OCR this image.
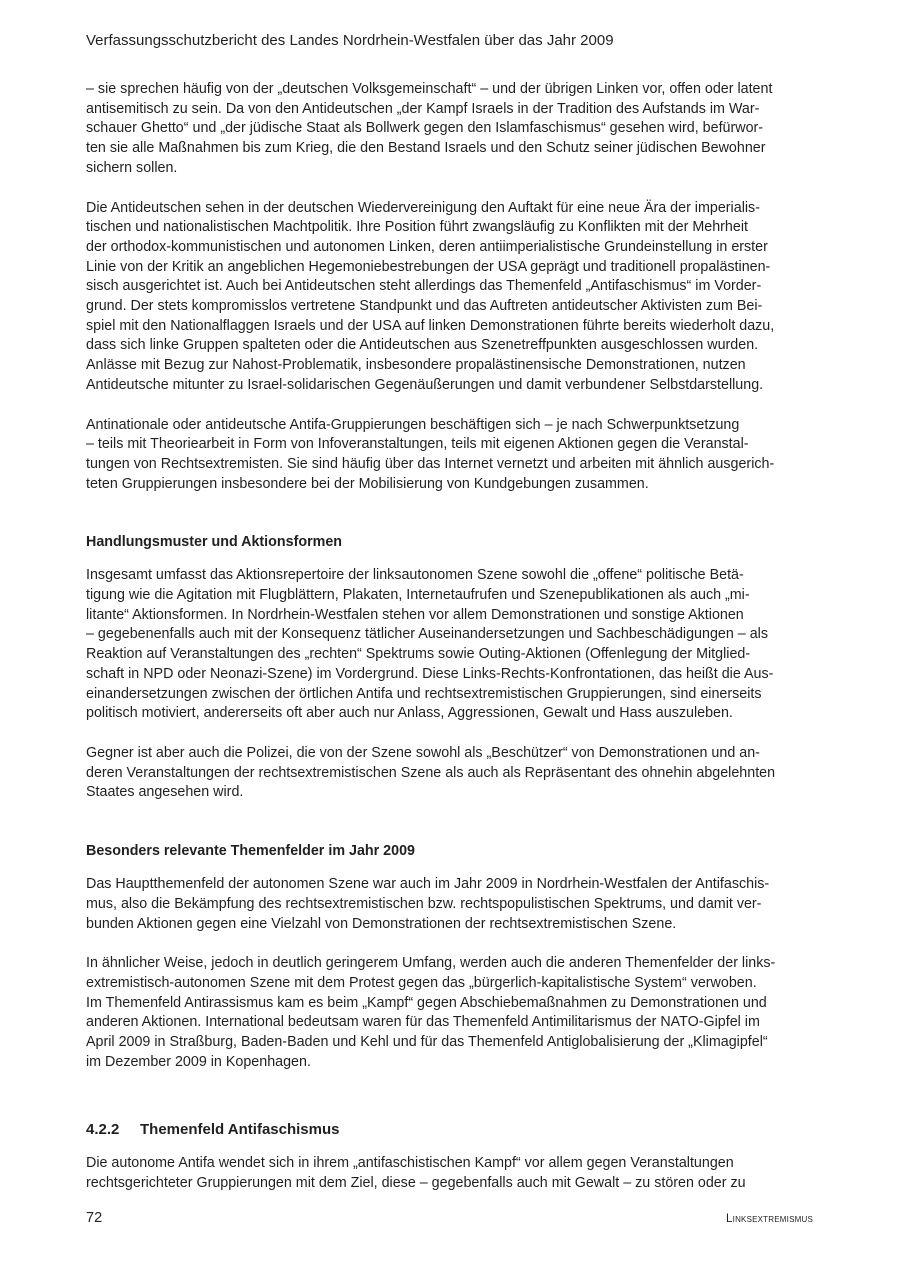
Verfassungsschutzbericht des Landes Nordrhein-Westfalen über das Jahr 2009
– sie sprechen häufig von der „deutschen Volksgemeinschaft“ – und der übrigen Linken vor, offen oder latent
antisemitisch zu sein. Da von den Antideutschen „der Kampf Israels in der Tradition des Aufstands im War-
schauer Ghetto“ und „der jüdische Staat als Bollwerk gegen den Islamfaschismus“ gesehen wird, befürwor-
ten sie alle Maßnahmen bis zum Krieg, die den Bestand Israels und den Schutz seiner jüdischen Bewohner
sichern sollen.
Die Antideutschen sehen in der deutschen Wiedervereinigung den Auftakt für eine neue Ära der imperialis-
tischen und nationalistischen Machtpolitik. Ihre Position führt zwangsläufig zu Konflikten mit der Mehrheit
der orthodox-kommunistischen und autonomen Linken, deren antiimperialistische Grundeinstellung in erster
Linie von der Kritik an angeblichen Hegemoniebestrebungen der USA geprägt und traditionell propalästinen-
sisch ausgerichtet ist. Auch bei Antideutschen steht allerdings das Themenfeld „Antifaschismus“ im Vorder-
grund. Der stets kompromisslos vertretene Standpunkt und das Auftreten antideutscher Aktivisten zum Bei-
spiel mit den Nationalflaggen Israels und der USA auf linken Demonstrationen führte bereits wiederholt dazu,
dass sich linke Gruppen spalteten oder die Antideutschen aus Szenetreffpunkten ausgeschlossen wurden.
Anlässe mit Bezug zur Nahost-Problematik, insbesondere propalästinensische Demonstrationen, nutzen
Antideutsche mitunter zu Israel-solidarischen Gegenäußerungen und damit verbundener Selbstdarstellung.
Antinationale oder antideutsche Antifa-Gruppierungen beschäftigen sich – je nach Schwerpunktsetzung
– teils mit Theoriearbeit in Form von Infoveranstaltungen, teils mit eigenen Aktionen gegen die Veranstal-
tungen von Rechtsextremisten. Sie sind häufig über das Internet vernetzt und arbeiten mit ähnlich ausgerich-
teten Gruppierungen insbesondere bei der Mobilisierung von Kundgebungen zusammen.
Handlungsmuster und Aktionsformen
Insgesamt umfasst das Aktionsrepertoire der linksautonomen Szene sowohl die „offene“ politische Betä-
tigung wie die Agitation mit Flugblättern, Plakaten, Internetaufrufen und Szenepublikationen als auch „mi-
litante“ Aktionsformen. In Nordrhein-Westfalen stehen vor allem Demonstrationen und sonstige Aktionen
– gegebenenfalls auch mit der Konsequenz tätlicher Auseinandersetzungen und Sachbeschädigungen – als
Reaktion auf Veranstaltungen des „rechten“ Spektrums sowie Outing-Aktionen (Offenlegung der Mitglied-
schaft in NPD oder Neonazi-Szene) im Vordergrund. Diese Links-Rechts-Konfrontationen, das heißt die Aus-
einandersetzungen zwischen der örtlichen Antifa und rechtsextremistischen Gruppierungen, sind einerseits
politisch motiviert, andererseits oft aber auch nur Anlass, Aggressionen, Gewalt und Hass auszuleben.
Gegner ist aber auch die Polizei, die von der Szene sowohl als „Beschützer“ von Demonstrationen und an-
deren Veranstaltungen der rechtsextremistischen Szene als auch als Repräsentant des ohnehin abgelehnten
Staates angesehen wird.
Besonders relevante Themenfelder im Jahr 2009
Das Hauptthemenfeld der autonomen Szene war auch im Jahr 2009 in Nordrhein-Westfalen der Antifaschis-
mus, also die Bekämpfung des rechtsextremistischen bzw. rechtspopulistischen Spektrums, und damit ver-
bunden Aktionen gegen eine Vielzahl von Demonstrationen der rechtsextremistischen Szene.
In ähnlicher Weise, jedoch in deutlich geringerem Umfang, werden auch die anderen Themenfelder der links-
extremistisch-autonomen Szene mit dem Protest gegen das „bürgerlich-kapitalistische System“ verwoben.
Im Themenfeld Antirassismus kam es beim „Kampf“ gegen Abschiebemaßnahmen zu Demonstrationen und
anderen Aktionen. International bedeutsam waren für das Themenfeld Antimilitarismus der NATO-Gipfel im
April 2009 in Straßburg, Baden-Baden und Kehl und für das Themenfeld Antiglobalisierung der „Klimagipfel“
im Dezember 2009 in Kopenhagen.
4.2.2 Themenfeld Antifaschismus
Die autonome Antifa wendet sich in ihrem „antifaschistischen Kampf“ vor allem gegen Veranstaltungen
rechtsgerichteter Gruppierungen mit dem Ziel, diese – gegebenfalls auch mit Gewalt – zu stören oder zu
72	Linksextremismus
